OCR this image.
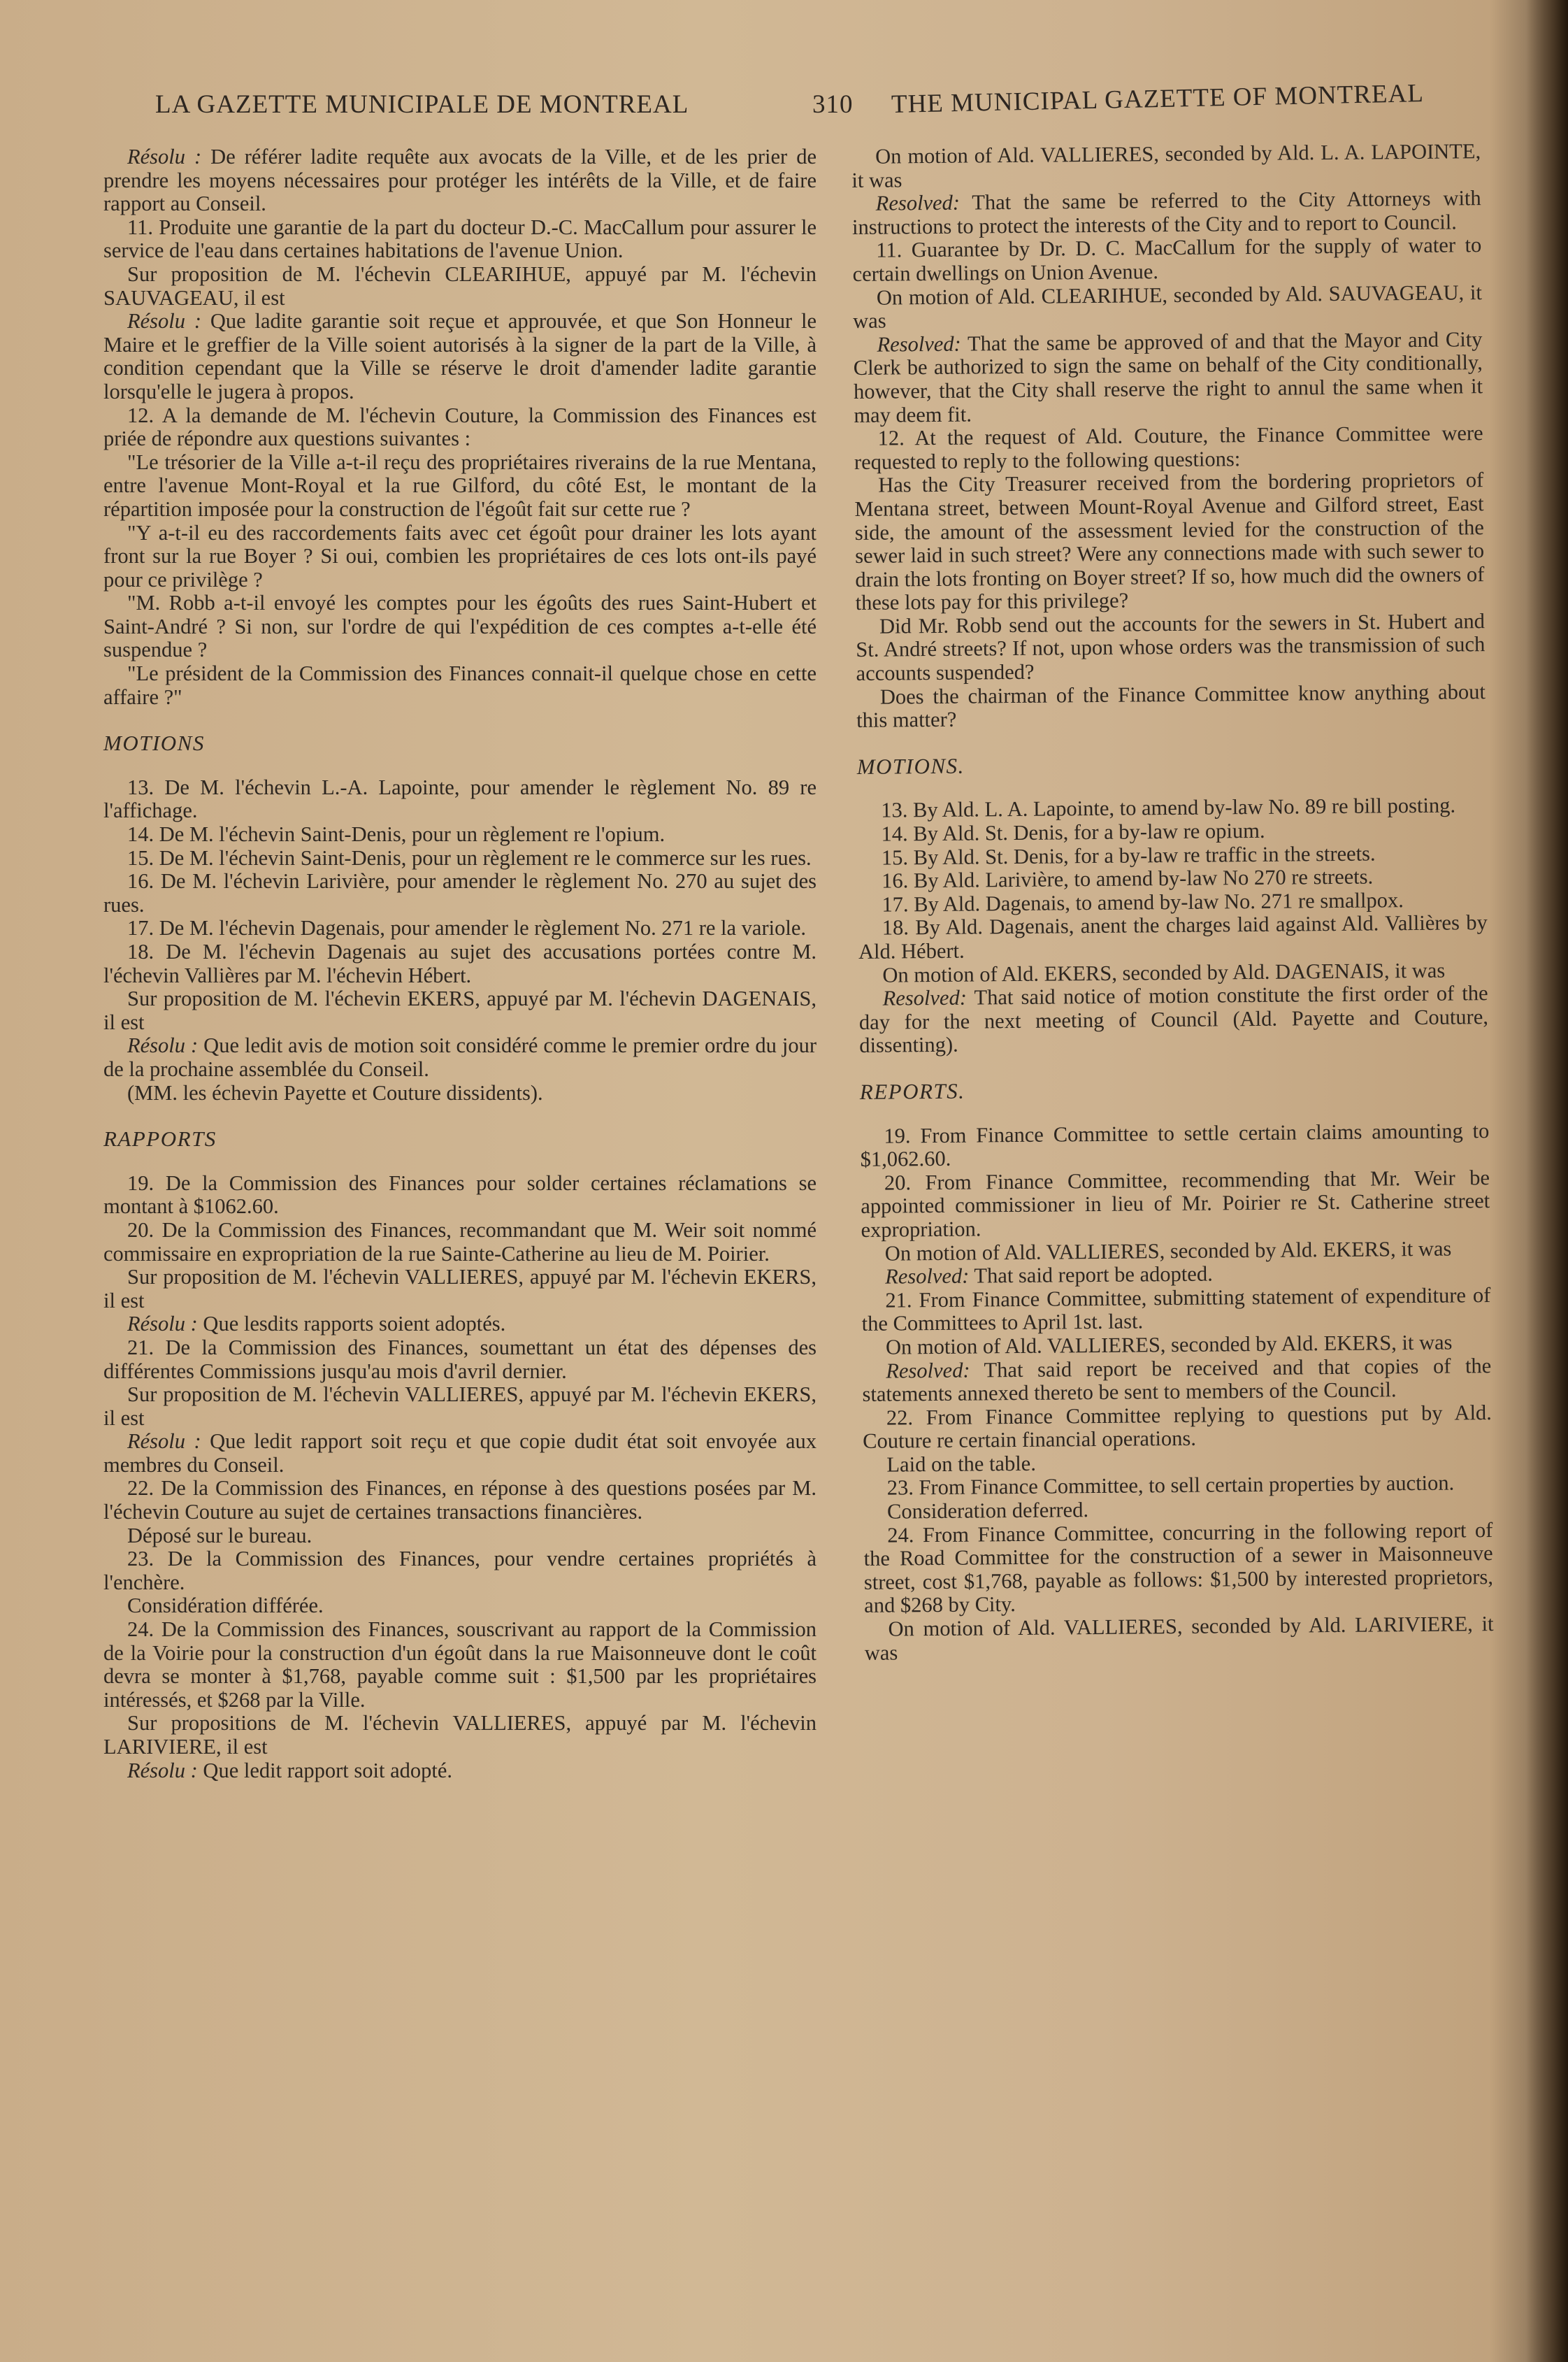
LA GAZETTE MUNICIPALE DE MONTREAL	310 THE MUNICIPAL GAZETTE OF MONTREAL

Résolu : De référer ladite requête aux avocats de la Ville, et de les prier de prendre les moyens nécessaires pour protéger les intérêts de la Ville, et de faire rapport au Conseil.

11. Produite une garantie de la part du docteur D.-C. MacCallum pour assurer le service de l'eau dans certaines habitations de l'avenue Union.

Sur proposition de M. l'échevin CLEARIHUE, appuyé par M. l'échevin SAUVAGEAU, il est

Résolu : Que ladite garantie soit reçue et approuvée, et que Son Honneur le Maire et le greffier de la Ville soient autorisés à la signer de la part de la Ville, à condition cependant que la Ville se réserve le droit d'amender ladite garantie lorsqu'elle le jugera à propos.

12. A la demande de M. l'échevin Couture, la Commission des Finances est priée de répondre aux questions suivantes :

"Le trésorier de la Ville a-t-il reçu des propriétaires riverains de la rue Mentana, entre l'avenue Mont-Royal et la rue Gilford, du côté Est, le montant de la répartition imposée pour la construction de l'égoût fait sur cette rue ?

"Y a-t-il eu des raccordements faits avec cet égoût pour drainer les lots ayant front sur la rue Boyer ? Si oui, combien les propriétaires de ces lots ont-ils payé pour ce privilège ?

"M. Robb a-t-il envoyé les comptes pour les égoûts des rues Saint-Hubert et Saint-André ? Si non, sur l'ordre de qui l'expédition de ces comptes a-t-elle été suspendue ?

"Le président de la Commission des Finances connait-il quelque chose en cette affaire ?"

MOTIONS

13. De M. l'échevin L.-A. Lapointe, pour amender le règlement No. 89 re l'affichage.

14. De M. l'échevin Saint-Denis, pour un règlement re l'opium.

15. De M. l'échevin Saint-Denis, pour un règlement re le commerce sur les rues.

16. De M. l'échevin Larivière, pour amender le règlement No. 270 au sujet des rues.

17. De M. l'échevin Dagenais, pour amender le règlement No. 271 re la variole.

18. De M. l'échevin Dagenais au sujet des accusations portées contre M. l'échevin Vallières par M. l'échevin Hébert.

Sur proposition de M. l'échevin EKERS, appuyé par M. l'échevin DAGENAIS, il est

Résolu : Que ledit avis de motion soit considéré comme le premier ordre du jour de la prochaine assemblée du Conseil.

(MM. les échevin Payette et Couture dissidents).

RAPPORTS

19. De la Commission des Finances pour solder certaines réclamations se montant à $1062.60.

20. De la Commission des Finances, recommandant que M. Weir soit nommé commissaire en expropriation de la rue Sainte-Catherine au lieu de M. Poirier.

Sur proposition de M. l'échevin VALLIERES, appuyé par M. l'échevin EKERS, il est

Résolu : Que lesdits rapports soient adoptés.

21. De la Commission des Finances, soumettant un état des dépenses des différentes Commissions jusqu'au mois d'avril dernier.

Sur proposition de M. l'échevin VALLIERES, appuyé par M. l'échevin EKERS, il est

Résolu : Que ledit rapport soit reçu et que copie dudit état soit envoyée aux membres du Conseil.

22. De la Commission des Finances, en réponse à des questions posées par M. l'échevin Couture au sujet de certaines transactions financières.

Déposé sur le bureau.

23. De la Commission des Finances, pour vendre certaines propriétés à l'enchère.

Considération différée.

24. De la Commission des Finances, souscrivant au rapport de la Commission de la Voirie pour la construction d'un égoût dans la rue Maisonneuve dont le coût devra se monter à $1,768, payable comme suit : $1,500 par les propriétaires intéressés, et $268 par la Ville.

Sur propositions de M. l'échevin VALLIERES, appuyé par M. l'échevin LARIVIERE, il est

Résolu : Que ledit rapport soit adopté.

On motion of Ald. VALLIERES, seconded by Ald. L. A. LAPOINTE, it was

Resolved: That the same be referred to the City Attorneys with instructions to protect the interests of the City and to report to Council.

11. Guarantee by Dr. D. C. MacCallum for the supply of water to certain dwellings on Union Avenue.

On motion of Ald. CLEARIHUE, seconded by Ald. SAUVAGEAU, it was

Resolved: That the same be approved of and that the Mayor and City Clerk be authorized to sign the same on behalf of the City conditionally, however, that the City shall reserve the right to annul the same when it may deem fit.

12. At the request of Ald. Couture, the Finance Committee were requested to reply to the following questions:

Has the City Treasurer received from the bordering proprietors of Mentana street, between Mount-Royal Avenue and Gilford street, East side, the amount of the assessment levied for the construction of the sewer laid in such street? Were any connections made with such sewer to drain the lots fronting on Boyer street? If so, how much did the owners of these lots pay for this privilege?

Did Mr. Robb send out the accounts for the sewers in St. Hubert and St. André streets? If not, upon whose orders was the transmission of such accounts suspended?

Does the chairman of the Finance Committee know anything about this matter?

MOTIONS.

13. By Ald. L. A. Lapointe, to amend by-law No. 89 re bill posting.

14. By Ald. St. Denis, for a by-law re opium.

15. By Ald. St. Denis, for a by-law re traffic in the streets.

16. By Ald. Larivière, to amend by-law No 270 re streets.

17. By Ald. Dagenais, to amend by-law No. 271 re smallpox.

18. By Ald. Dagenais, anent the charges laid against Ald. Vallières by Ald. Hébert.

On motion of Ald. EKERS, seconded by Ald. DAGENAIS, it was

Resolved: That said notice of motion constitute the first order of the day for the next meeting of Council (Ald. Payette and Couture, dissenting).

REPORTS.

19. From Finance Committee to settle certain claims amounting to $1,062.60.

20. From Finance Committee, recommending that Mr. Weir be appointed commissioner in lieu of Mr. Poirier re St. Catherine street expropriation.

On motion of Ald. VALLIERES, seconded by Ald. EKERS, it was

Resolved: That said report be adopted.

21. From Finance Committee, submitting statement of expenditure of the Committees to April 1st. last.

On motion of Ald. VALLIERES, seconded by Ald. EKERS, it was

Resolved: That said report be received and that copies of the statements annexed thereto be sent to members of the Council.

22. From Finance Committee replying to questions put by Ald. Couture re certain financial operations.

Laid on the table.

23. From Finance Committee, to sell certain properties by auction.

Consideration deferred.

24. From Finance Committee, concurring in the following report of the Road Committee for the construction of a sewer in Maisonneuve street, cost $1,768, payable as follows: $1,500 by interested proprietors, and $268 by City.

On motion of Ald. VALLIERES, seconded by Ald. LARIVIERE, it was
